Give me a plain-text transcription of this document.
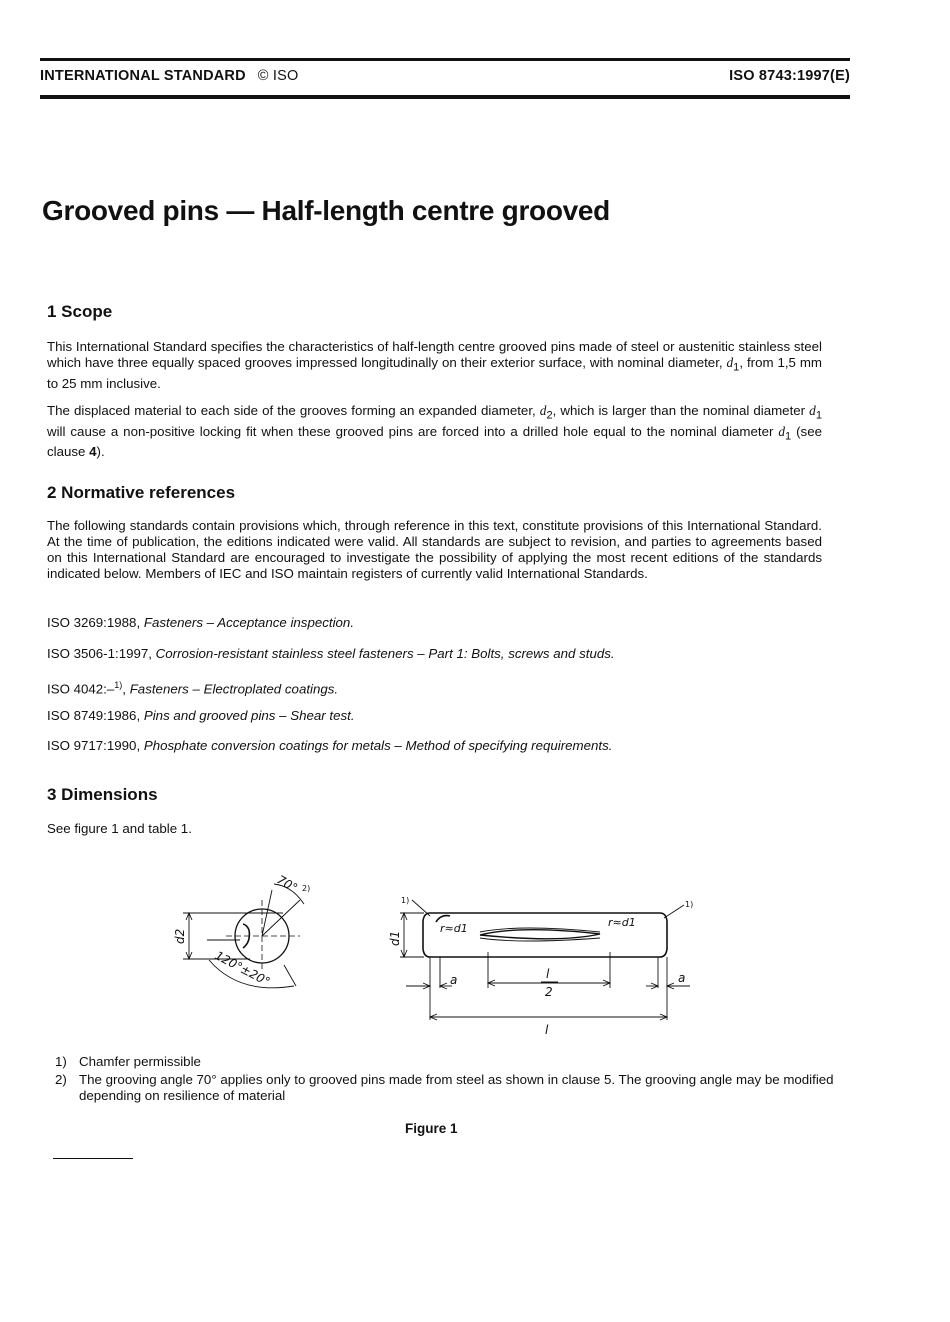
INTERNATIONAL STANDARD © ISO	ISO 8743:1997(E)
Grooved pins — Half-length centre grooved
1 Scope

This International Standard specifies the characteristics of half-length centre grooved pins made of steel or austenitic stainless steel which have three equally spaced grooves impressed longitudinally on their exterior surface, with nominal diameter, $d_1$, from 1,5 mm to 25 mm inclusive.

The displaced material to each side of the grooves forming an expanded diameter, $d_2$, which is larger than the nominal diameter $d_1$ will cause a non-positive locking fit when these grooved pins are forced into a drilled hole equal to the nominal diameter $d_1$ (see clause 4).

2 Normative references

The following standards contain provisions which, through reference in this text, constitute provisions of this International Standard. At the time of publication, the editions indicated were valid. All standards are subject to revision, and parties to agreements based on this International Standard are encouraged to investigate the possibility of applying the most recent editions of the standards indicated below. Members of IEC and ISO maintain registers of currently valid International Standards.

ISO 3269:1988, Fasteners – Acceptance inspection.

ISO 3506-1:1997, Corrosion-resistant stainless steel fasteners – Part 1: Bolts, screws and studs.

ISO 4042:–$^{1)}$, Fasteners – Electroplated coatings.

ISO 8749:1986, Pins and grooved pins – Shear test.

ISO 9717:1990, Phosphate conversion coatings for metals – Method of specifying requirements.

3 Dimensions

See figure 1 and table 1.

70° 2)
120°±20°
d2	d1
1)	1)
r≈d1	r≈d1
a	a
l
2
l
1) Chamfer permissible
2) The grooving angle 70° applies only to grooved pins made from steel as shown in clause 5. The grooving angle may be modified depending on resilience of material
Figure 1
